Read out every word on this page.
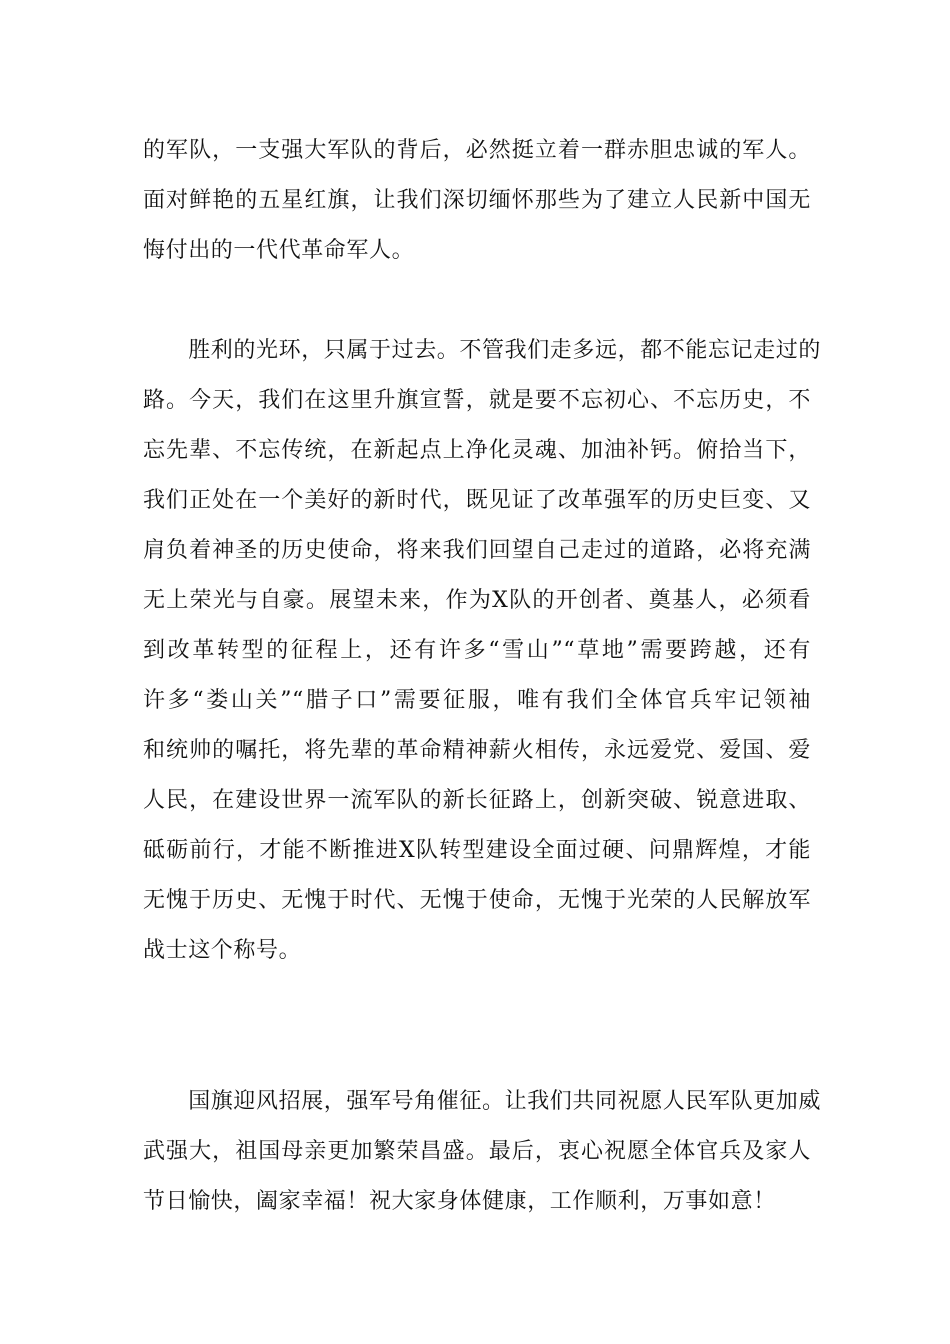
的军队，一支强大军队的背后，必然挺立着一群赤胆忠诚的军人。
面对鲜艳的五星红旗，让我们深切缅怀那些为了建立人民新中国无
悔付出的一代代革命军人。
　　胜利的光环，只属于过去。不管我们走多远，都不能忘记走过的
路。今天，我们在这里升旗宣誓，就是要不忘初心、不忘历史，不
忘先辈、不忘传统，在新起点上净化灵魂、加油补钙。俯拾当下，
我们正处在一个美好的新时代，既见证了改革强军的历史巨变、又
肩负着神圣的历史使命，将来我们回望自己走过的道路，必将充满
无上荣光与自豪。展望未来，作为X队的开创者、奠基人，必须看
到改革转型的征程上，还有许多“雪山”“草地”需要跨越，还有
许多“娄山关”“腊子口”需要征服，唯有我们全体官兵牢记领袖
和统帅的嘱托，将先辈的革命精神薪火相传，永远爱党、爱国、爱
人民，在建设世界一流军队的新长征路上，创新突破、锐意进取、
砥砺前行，才能不断推进X队转型建设全面过硬、问鼎辉煌，才能
无愧于历史、无愧于时代、无愧于使命，无愧于光荣的人民解放军
战士这个称号。
　　国旗迎风招展，强军号角催征。让我们共同祝愿人民军队更加威
武强大，祖国母亲更加繁荣昌盛。最后，衷心祝愿全体官兵及家人
节日愉快，阖家幸福！祝大家身体健康，工作顺利，万事如意！
